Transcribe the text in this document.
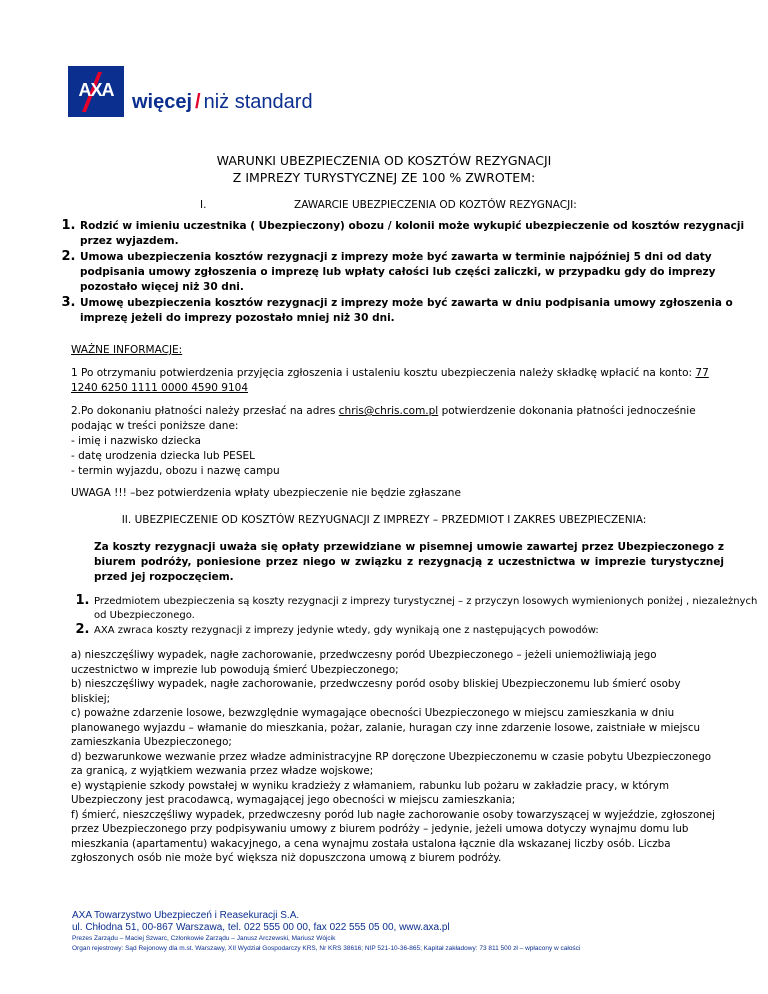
AXA
więcej / niż standard
WARUNKI UBEZPIECZENIA OD KOSZTÓW REZYGNACJI
Z IMPREZY TURYSTYCZNEJ ZE 100 % ZWROTEM:
I.	ZAWARCIE UBEZPIECZENIA OD KOZTÓW REZYGNACJI:
1. Rodzić w imieniu uczestnika ( Ubezpieczony) obozu / kolonii może wykupić ubezpieczenie od kosztów rezygnacji przez wyjazdem.
2. Umowa ubezpieczenia kosztów rezygnacji z imprezy może być zawarta w terminie najpóźniej 5 dni od daty podpisania umowy zgłoszenia o imprezę lub wpłaty całości lub części zaliczki, w przypadku gdy do imprezy pozostało więcej niż 30 dni.
3. Umowę ubezpieczenia kosztów rezygnacji z imprezy może być zawarta w dniu podpisania umowy zgłoszenia o imprezę jeżeli do imprezy pozostało mniej niż 30 dni.
WAŻNE INFORMACJE:
1 Po otrzymaniu potwierdzenia przyjęcia zgłoszenia i ustaleniu kosztu ubezpieczenia należy składkę wpłacić na konto: 77 1240 6250 1111 0000 4590 9104
2.Po dokonaniu płatności należy przesłać na adres chris@chris.com.pl potwierdzenie dokonania płatności jednocześnie podając w treści poniższe dane:
- imię i nazwisko dziecka
- datę urodzenia dziecka lub PESEL
- termin wyjazdu, obozu i nazwę campu
UWAGA !!! –bez potwierdzenia wpłaty ubezpieczenie nie będzie zgłaszane
II. UBEZPIECZENIE OD KOSZTÓW REZYUGNACJI Z IMPREZY – PRZEDMIOT I ZAKRES UBEZPIECZENIA:
Za koszty rezygnacji uważa się opłaty przewidziane w pisemnej umowie zawartej przez Ubezpieczonego z biurem podróży, poniesione przez niego w związku z rezygnacją z uczestnictwa w imprezie turystycznej przed jej rozpoczęciem.
1. Przedmiotem ubezpieczenia są koszty rezygnacji z imprezy turystycznej – z przyczyn losowych wymienionych poniżej , niezależnych od Ubezpieczonego.
2. AXA zwraca koszty rezygnacji z imprezy jedynie wtedy, gdy wynikają one z następujących powodów:
a) nieszczęśliwy wypadek, nagłe zachorowanie, przedwczesny poród Ubezpieczonego – jeżeli uniemożliwiają jego uczestnictwo w imprezie lub powodują śmierć Ubezpieczonego;
b) nieszczęśliwy wypadek, nagłe zachorowanie, przedwczesny poród osoby bliskiej Ubezpieczonemu lub śmierć osoby bliskiej;
c) poważne zdarzenie losowe, bezwzględnie wymagające obecności Ubezpieczonego w miejscu zamieszkania w dniu planowanego wyjazdu – włamanie do mieszkania, pożar, zalanie, huragan czy inne zdarzenie losowe, zaistniałe w miejscu zamieszkania Ubezpieczonego;
d) bezwarunkowe wezwanie przez władze administracyjne RP doręczone Ubezpieczonemu w czasie pobytu Ubezpieczonego za granicą, z wyjątkiem wezwania przez władze wojskowe;
e) wystąpienie szkody powstałej w wyniku kradzieży z włamaniem, rabunku lub pożaru w zakładzie pracy, w którym Ubezpieczony jest pracodawcą, wymagającej jego obecności w miejscu zamieszkania;
f) śmierć, nieszczęśliwy wypadek, przedwczesny poród lub nagłe zachorowanie osoby towarzyszącej w wyjeździe, zgłoszonej przez Ubezpieczonego przy podpisywaniu umowy z biurem podróży – jedynie, jeżeli umowa dotyczy wynajmu domu lub mieszkania (apartamentu) wakacyjnego, a cena wynajmu została ustalona łącznie dla wskazanej liczby osób. Liczba zgłoszonych osób nie może być większa niż dopuszczona umową z biurem podróży.
AXA Towarzystwo Ubezpieczeń i Reasekuracji S.A.
ul. Chłodna 51, 00-867 Warszawa, tel. 022 555 00 00, fax 022 555 05 00, www.axa.pl
Prezes Zarządu – Maciej Szwarc, Członkowie Zarządu – Janusz Arczewski, Mariusz Wójcik
Organ rejestrowy: Sąd Rejonowy dla m.st. Warszawy, XII Wydział Gospodarczy KRS, Nr KRS 38616; NIP 521-10-36-865; Kapitał zakładowy: 73 811 500 zł – wpłacony w całości
